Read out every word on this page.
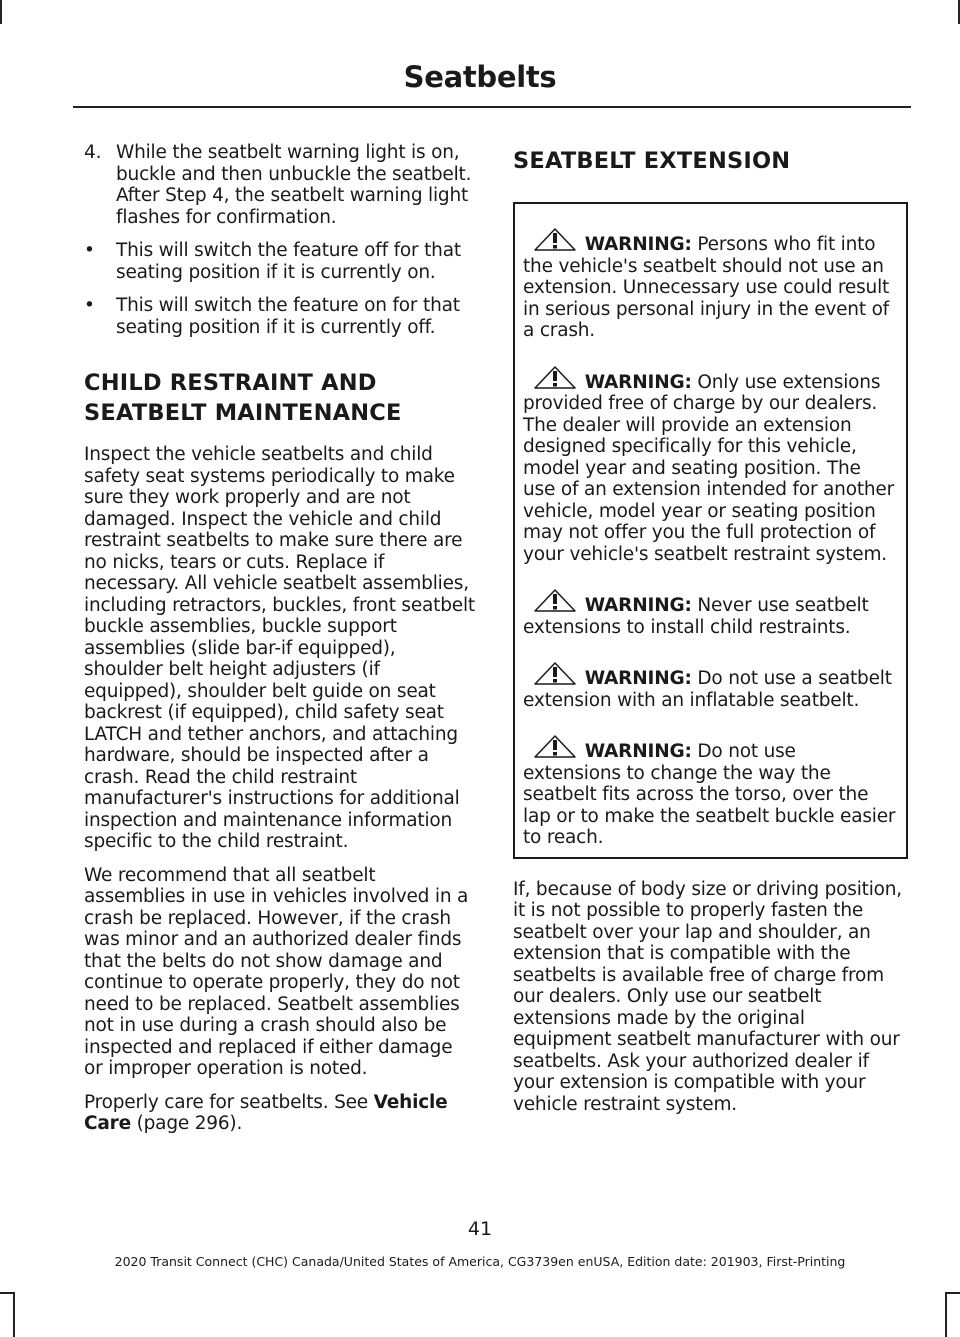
Seatbelts
4. While the seatbelt warning light is on, buckle and then unbuckle the seatbelt. After Step 4, the seatbelt warning light flashes for confirmation.
•	This will switch the feature off for that seating position if it is currently on.
•	This will switch the feature on for that seating position if it is currently off.
CHILD RESTRAINT AND
SEATBELT MAINTENANCE

Inspect the vehicle seatbelts and child safety seat systems periodically to make sure they work properly and are not damaged. Inspect the vehicle and child restraint seatbelts to make sure there are no nicks, tears or cuts. Replace if necessary. All vehicle seatbelt assemblies, including retractors, buckles, front seatbelt buckle assemblies, buckle support assemblies (slide bar-if equipped), shoulder belt height adjusters (if equipped), shoulder belt guide on seat backrest (if equipped), child safety seat LATCH and tether anchors, and attaching hardware, should be inspected after a crash. Read the child restraint manufacturer's instructions for additional inspection and maintenance information specific to the child restraint.

We recommend that all seatbelt assemblies in use in vehicles involved in a crash be replaced. However, if the crash was minor and an authorized dealer finds that the belts do not show damage and continue to operate properly, they do not need to be replaced. Seatbelt assemblies not in use during a crash should also be inspected and replaced if either damage or improper operation is noted.

Properly care for seatbelts. See Vehicle Care (page 296).

SEATBELT EXTENSION
WARNING: Persons who fit into the vehicle's seatbelt should not use an extension. Unnecessary use could result in serious personal injury in the event of a crash.
WARNING: Only use extensions provided free of charge by our dealers. The dealer will provide an extension designed specifically for this vehicle, model year and seating position. The use of an extension intended for another vehicle, model year or seating position may not offer you the full protection of your vehicle's seatbelt restraint system.
WARNING: Never use seatbelt extensions to install child restraints.
WARNING: Do not use a seatbelt extension with an inflatable seatbelt.
WARNING: Do not use extensions to change the way the seatbelt fits across the torso, over the lap or to make the seatbelt buckle easier to reach.

If, because of body size or driving position, it is not possible to properly fasten the seatbelt over your lap and shoulder, an extension that is compatible with the seatbelts is available free of charge from our dealers. Only use our seatbelt extensions made by the original equipment seatbelt manufacturer with our seatbelts. Ask your authorized dealer if your extension is compatible with your vehicle restraint system.

41
2020 Transit Connect (CHC) Canada/United States of America, CG3739en enUSA, Edition date: 201903, First-Printing
